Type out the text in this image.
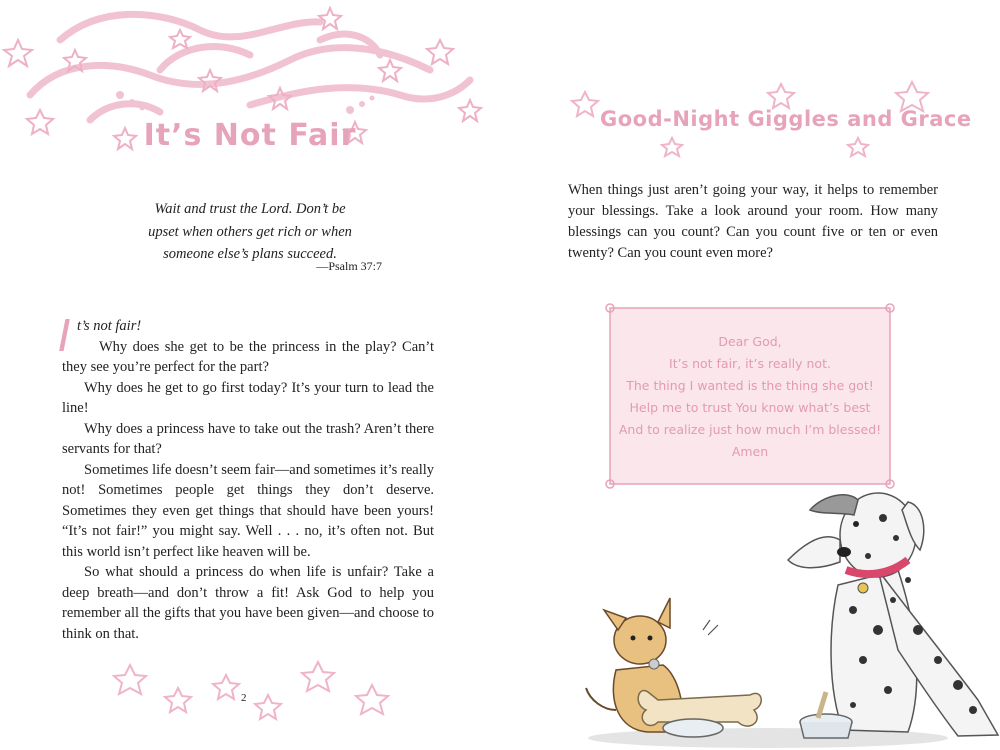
It’s Not Fair
Wait and trust the Lord. Don’t be
upset when others get rich or when
someone else’s plans succeed.
—Psalm 37:7

It’s not fair!

Why does she get to be the princess in the play? Can’t they see you’re perfect for the part?

Why does he get to go first today? It’s your turn to lead the line!

Why does a princess have to take out the trash? Aren’t there servants for that?

Sometimes life doesn’t seem fair—and sometimes it’s really not! Sometimes people get things they don’t deserve. Sometimes they even get things that should have been yours! “It’s not fair!” you might say. Well . . . no, it’s often not. But this world isn’t perfect like heaven will be.

So what should a princess do when life is unfair? Take a deep breath—and don’t throw a fit! Ask God to help you remember all the gifts that you have been given—and choose to think on that.

2
Good-Night Giggles and Grace
When things just aren’t going your way, it helps to remember your blessings. Take a look around your room. How many blessings can you count? Can you count five or ten or even twenty? Can you count even more?
Dear God,
It’s not fair, it’s really not.
The thing I wanted is the thing she got!
Help me to trust You know what’s best
And to realize just how much I’m blessed!
Amen
